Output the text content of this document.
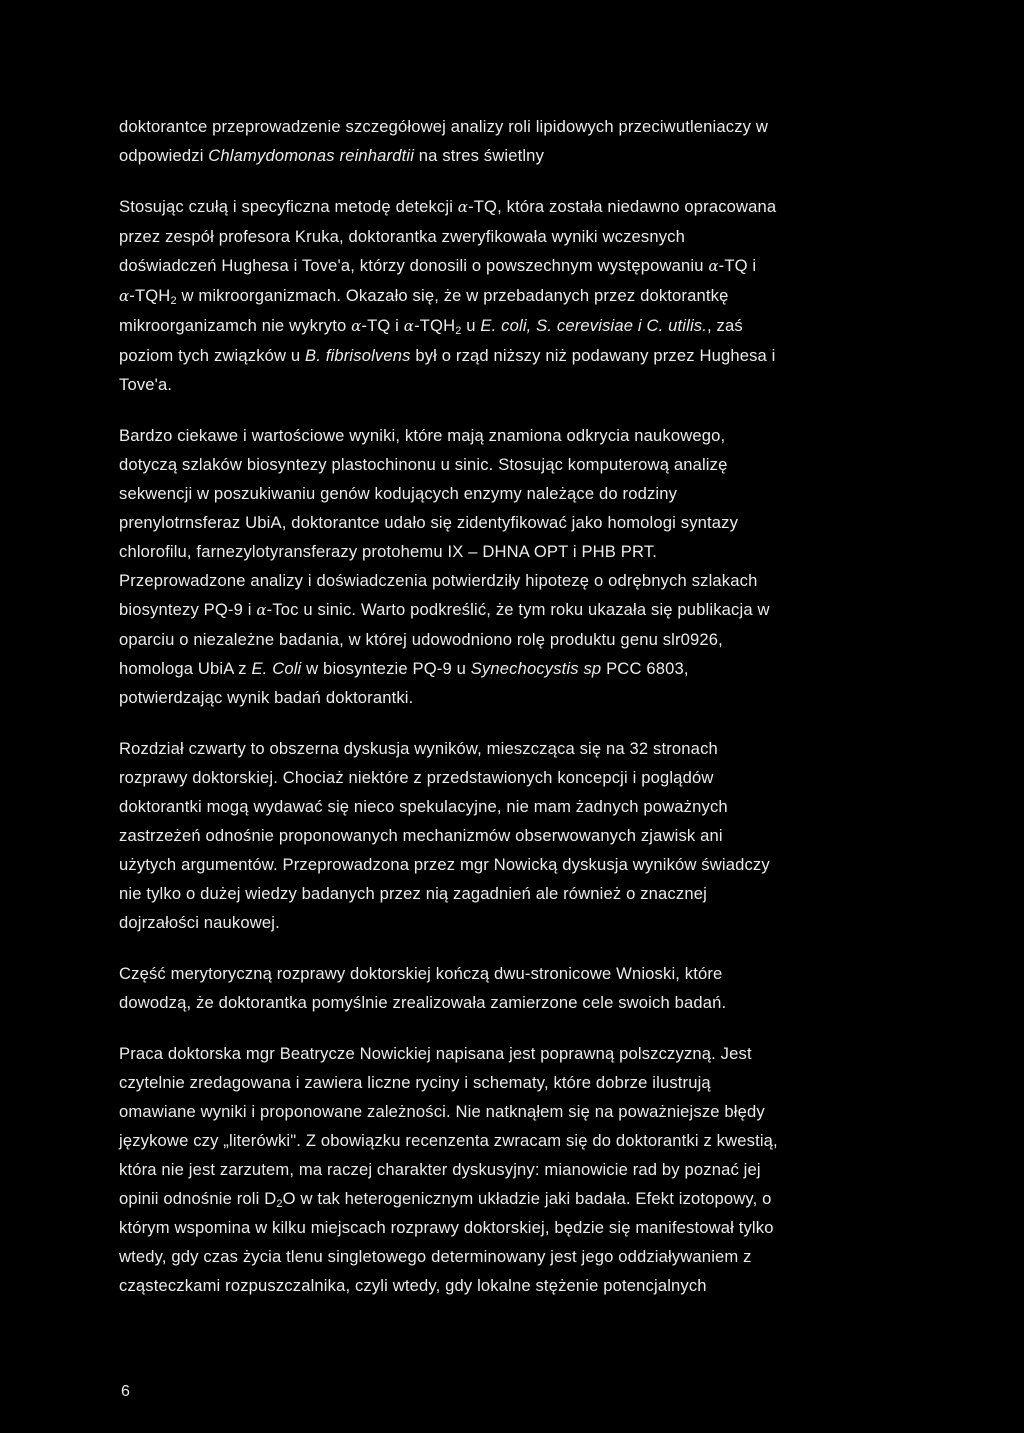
doktorantce przeprowadzenie szczegółowej analizy roli lipidowych przeciwutleniaczy w
odpowiedzi Chlamydomonas reinhardtii na stres świetlny
Stosując czułą i specyficzna metodę detekcji α-TQ, która została niedawno opracowana
przez zespół profesora Kruka, doktorantka zweryfikowała wyniki wczesnych
doświadczeń Hughesa i Tove'a, którzy donosili o powszechnym występowaniu α-TQ i
$\alpha-TQH_2$ w mikroorganizmach. Okazało się, że w przebadanych przez doktorantkę
mikroorganizamch nie wykryto α-TQ i $\alpha-TQH_2$ u E. coli, S. cerevisiae i C. utilis., zaś
poziom tych związków u B. fibrisolvens był o rząd niższy niż podawany przez Hughesa i
Tove'a.
Bardzo ciekawe i wartościowe wyniki, które mają znamiona odkrycia naukowego,
dotyczą szlaków biosyntezy plastochinonu u sinic. Stosując komputerową analizę
sekwencji w poszukiwaniu genów kodujących enzymy należące do rodziny
prenylotrnsferaz UbiA, doktorantce udało się zidentyfikować jako homologi syntazy
chlorofilu, farnezylotyransferazy protohemu IX – DHNA OPT i PHB PRT.
Przeprowadzone analizy i doświadczenia potwierdziły hipotezę o odrębnych szlakach
biosyntezy PQ-9 i α-Toc u sinic. Warto podkreślić, że tym roku ukazała się publikacja w
oparciu o niezależne badania, w której udowodniono rolę produktu genu slr0926,
homologa UbiA z E. Coli w biosyntezie PQ-9 u Synechocystis sp PCC 6803,
potwierdzając wynik badań doktorantki.
Rozdział czwarty to obszerna dyskusja wyników, mieszcząca się na 32 stronach
rozprawy doktorskiej. Chociaż niektóre z przedstawionych koncepcji i poglądów
doktorantki mogą wydawać się nieco spekulacyjne, nie mam żadnych poważnych
zastrzeżeń odnośnie proponowanych mechanizmów obserwowanych zjawisk ani
użytych argumentów. Przeprowadzona przez mgr Nowicką dyskusja wyników świadczy
nie tylko o dużej wiedzy badanych przez nią zagadnień ale również o znacznej
dojrzałości naukowej.
Część merytoryczną rozprawy doktorskiej kończą dwu-stronicowe Wnioski, które
dowodzą, że doktorantka pomyślnie zrealizowała zamierzone cele swoich badań.
Praca doktorska mgr Beatrycze Nowickiej napisana jest poprawną polszczyzną. Jest
czytelnie zredagowana i zawiera liczne ryciny i schematy, które dobrze ilustrują
omawiane wyniki i proponowane zależności. Nie natknąłem się na poważniejsze błędy
językowe czy „literówki". Z obowiązku recenzenta zwracam się do doktorantki z kwestią,
która nie jest zarzutem, ma raczej charakter dyskusyjny: mianowicie rad by poznać jej
opinii odnośnie roli $D_2O$ w tak heterogenicznym układzie jaki badała. Efekt izotopowy, o
którym wspomina w kilku miejscach rozprawy doktorskiej, będzie się manifestował tylko
wtedy, gdy czas życia tlenu singletowego determinowany jest jego oddziaływaniem z
cząsteczkami rozpuszczalnika, czyli wtedy, gdy lokalne stężenie potencjalnych
6
